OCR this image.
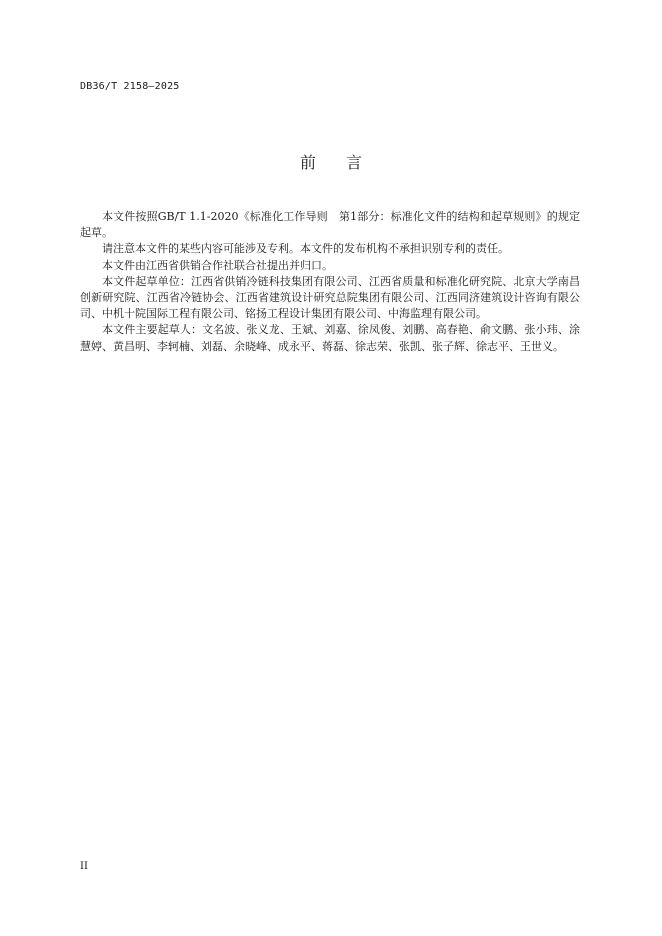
DB36/T 2158—2025
前言

本文件按照GB/T 1.1-2020《标准化工作导则　第1部分：标准化文件的结构和起草规则》的规定起草。

请注意本文件的某些内容可能涉及专利。本文件的发布机构不承担识别专利的责任。

本文件由江西省供销合作社联合社提出并归口。

本文件起草单位：江西省供销冷链科技集团有限公司、江西省质量和标准化研究院、北京大学南昌创新研究院、江西省冷链协会、江西省建筑设计研究总院集团有限公司、江西同济建筑设计咨询有限公司、中机十院国际工程有限公司、铭扬工程设计集团有限公司、中海监理有限公司。

本文件主要起草人：文名波、张义龙、王斌、刘嘉、徐凤俊、刘鹏、高春艳、俞文鹏、张小玮、涂慧婷、黄昌明、李轲楠、刘磊、余晓峰、成永平、蒋磊、徐志荣、张凯、张子辉、徐志平、王世义。

II
